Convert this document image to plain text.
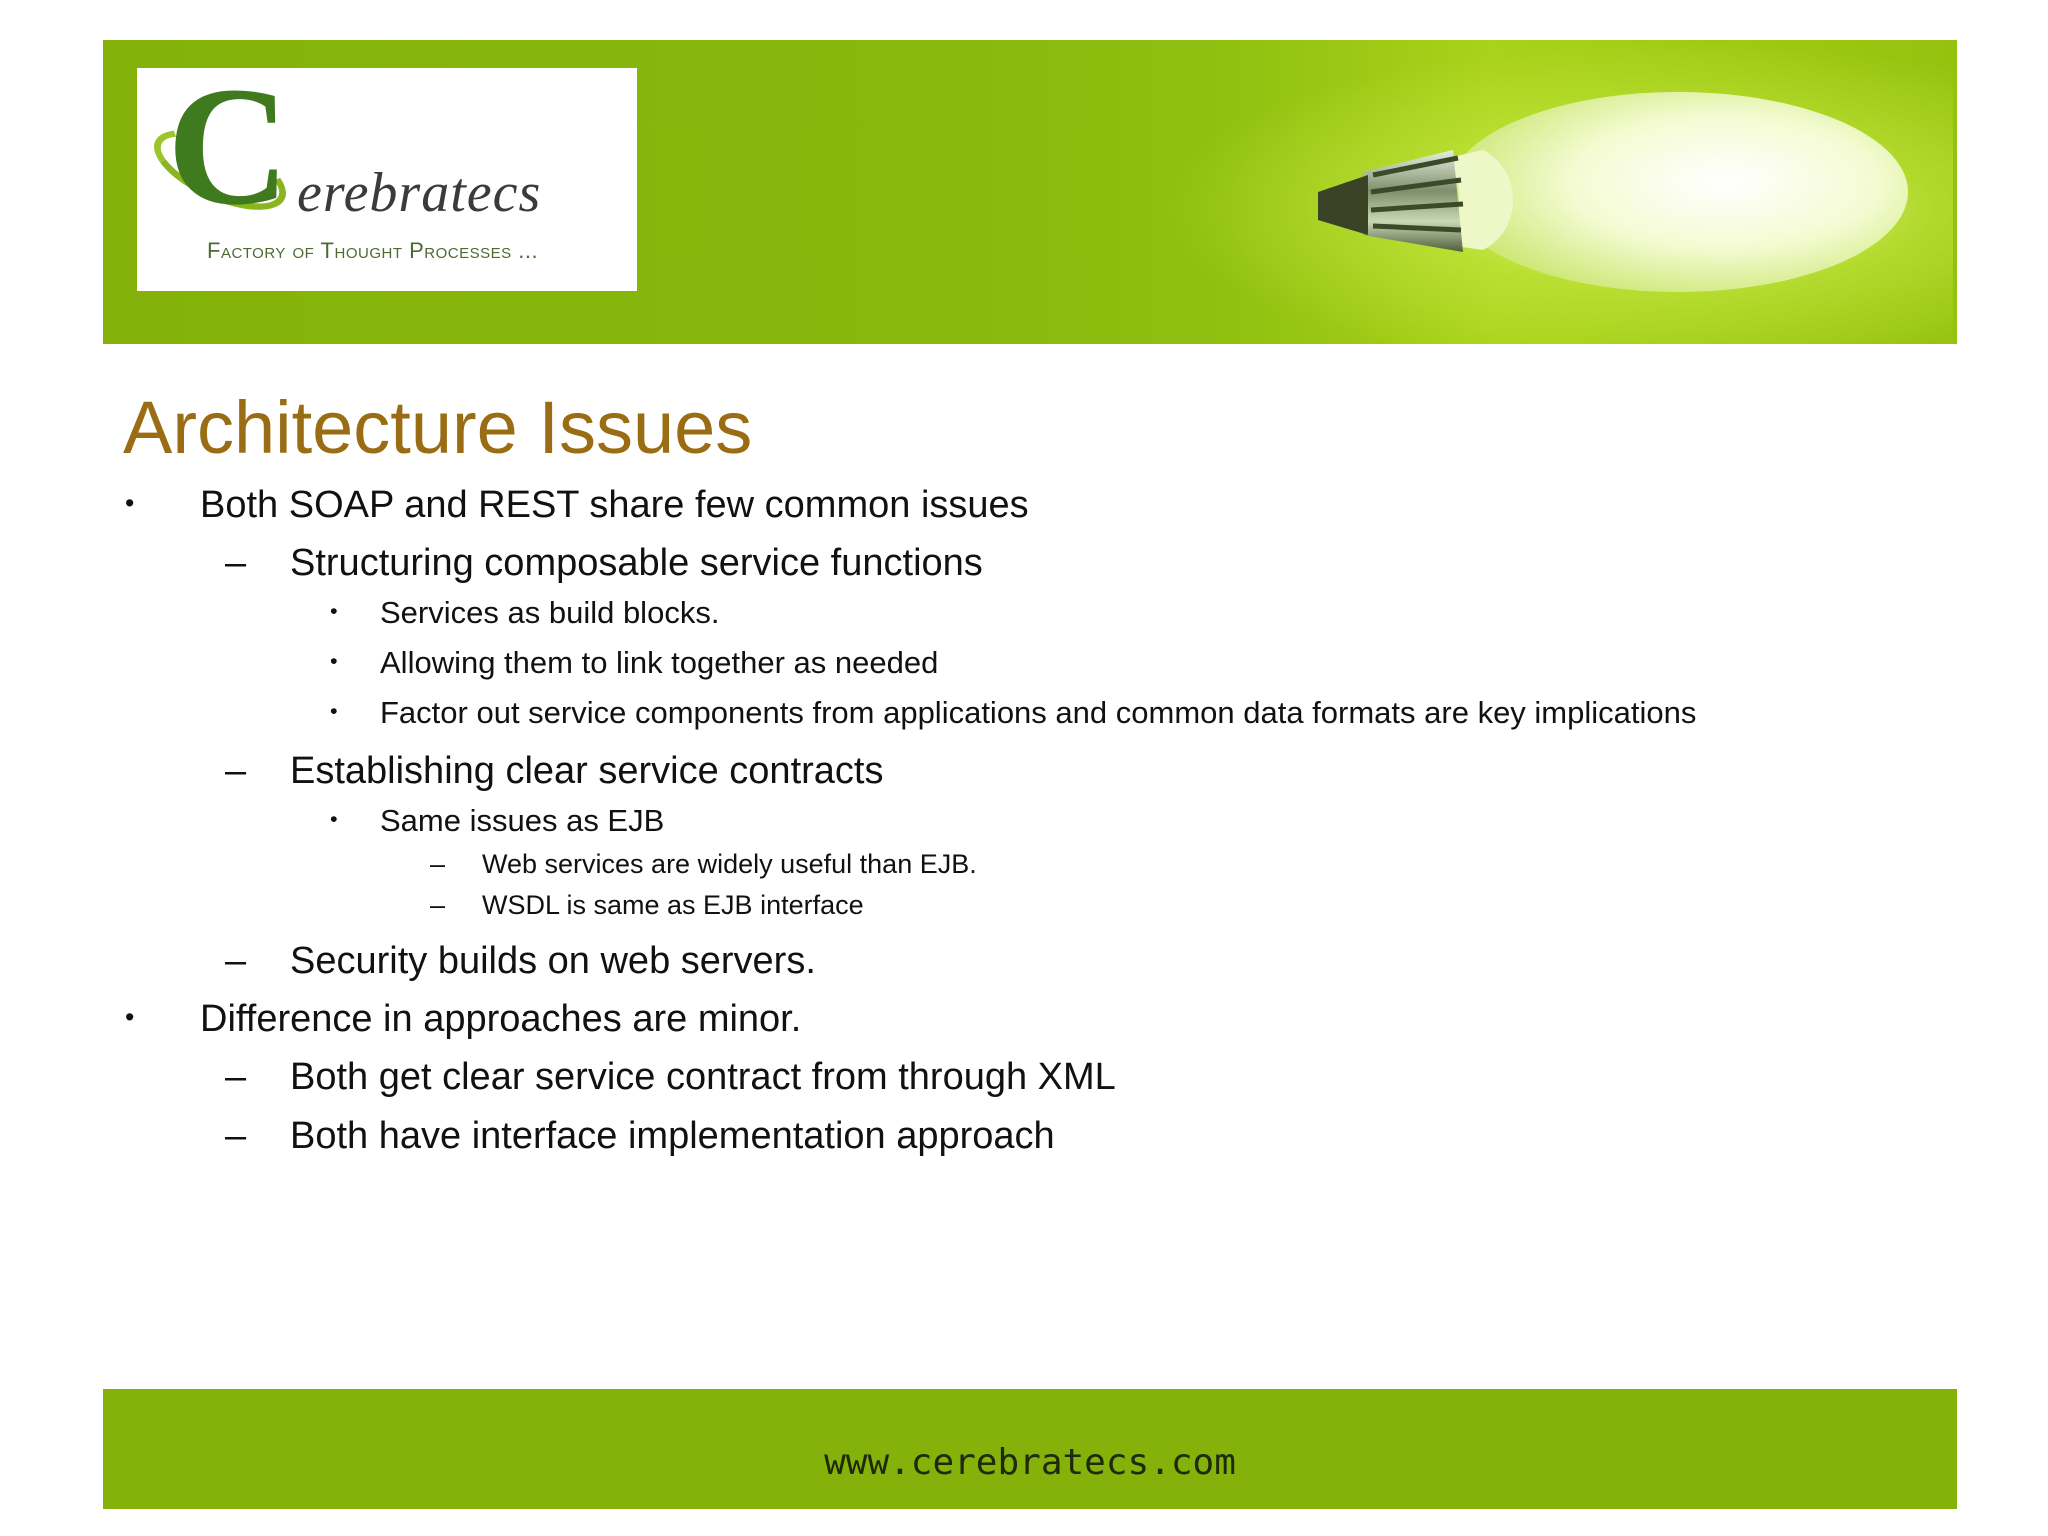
C erebratecs
Factory of Thought Processes ...
Architecture Issues
• Both SOAP and REST share few common issues
– Structuring composable service functions
• Services as build blocks.
• Allowing them to link together as needed
• Factor out service components from applications and common data formats are key implications
– Establishing clear service contracts
• Same issues as EJB
– Web services are widely useful than EJB.
– WSDL is same as EJB interface
– Security builds on web servers.
• Difference in approaches are minor.
– Both get clear service contract from through XML
– Both have interface implementation approach
www.cerebratecs.com
